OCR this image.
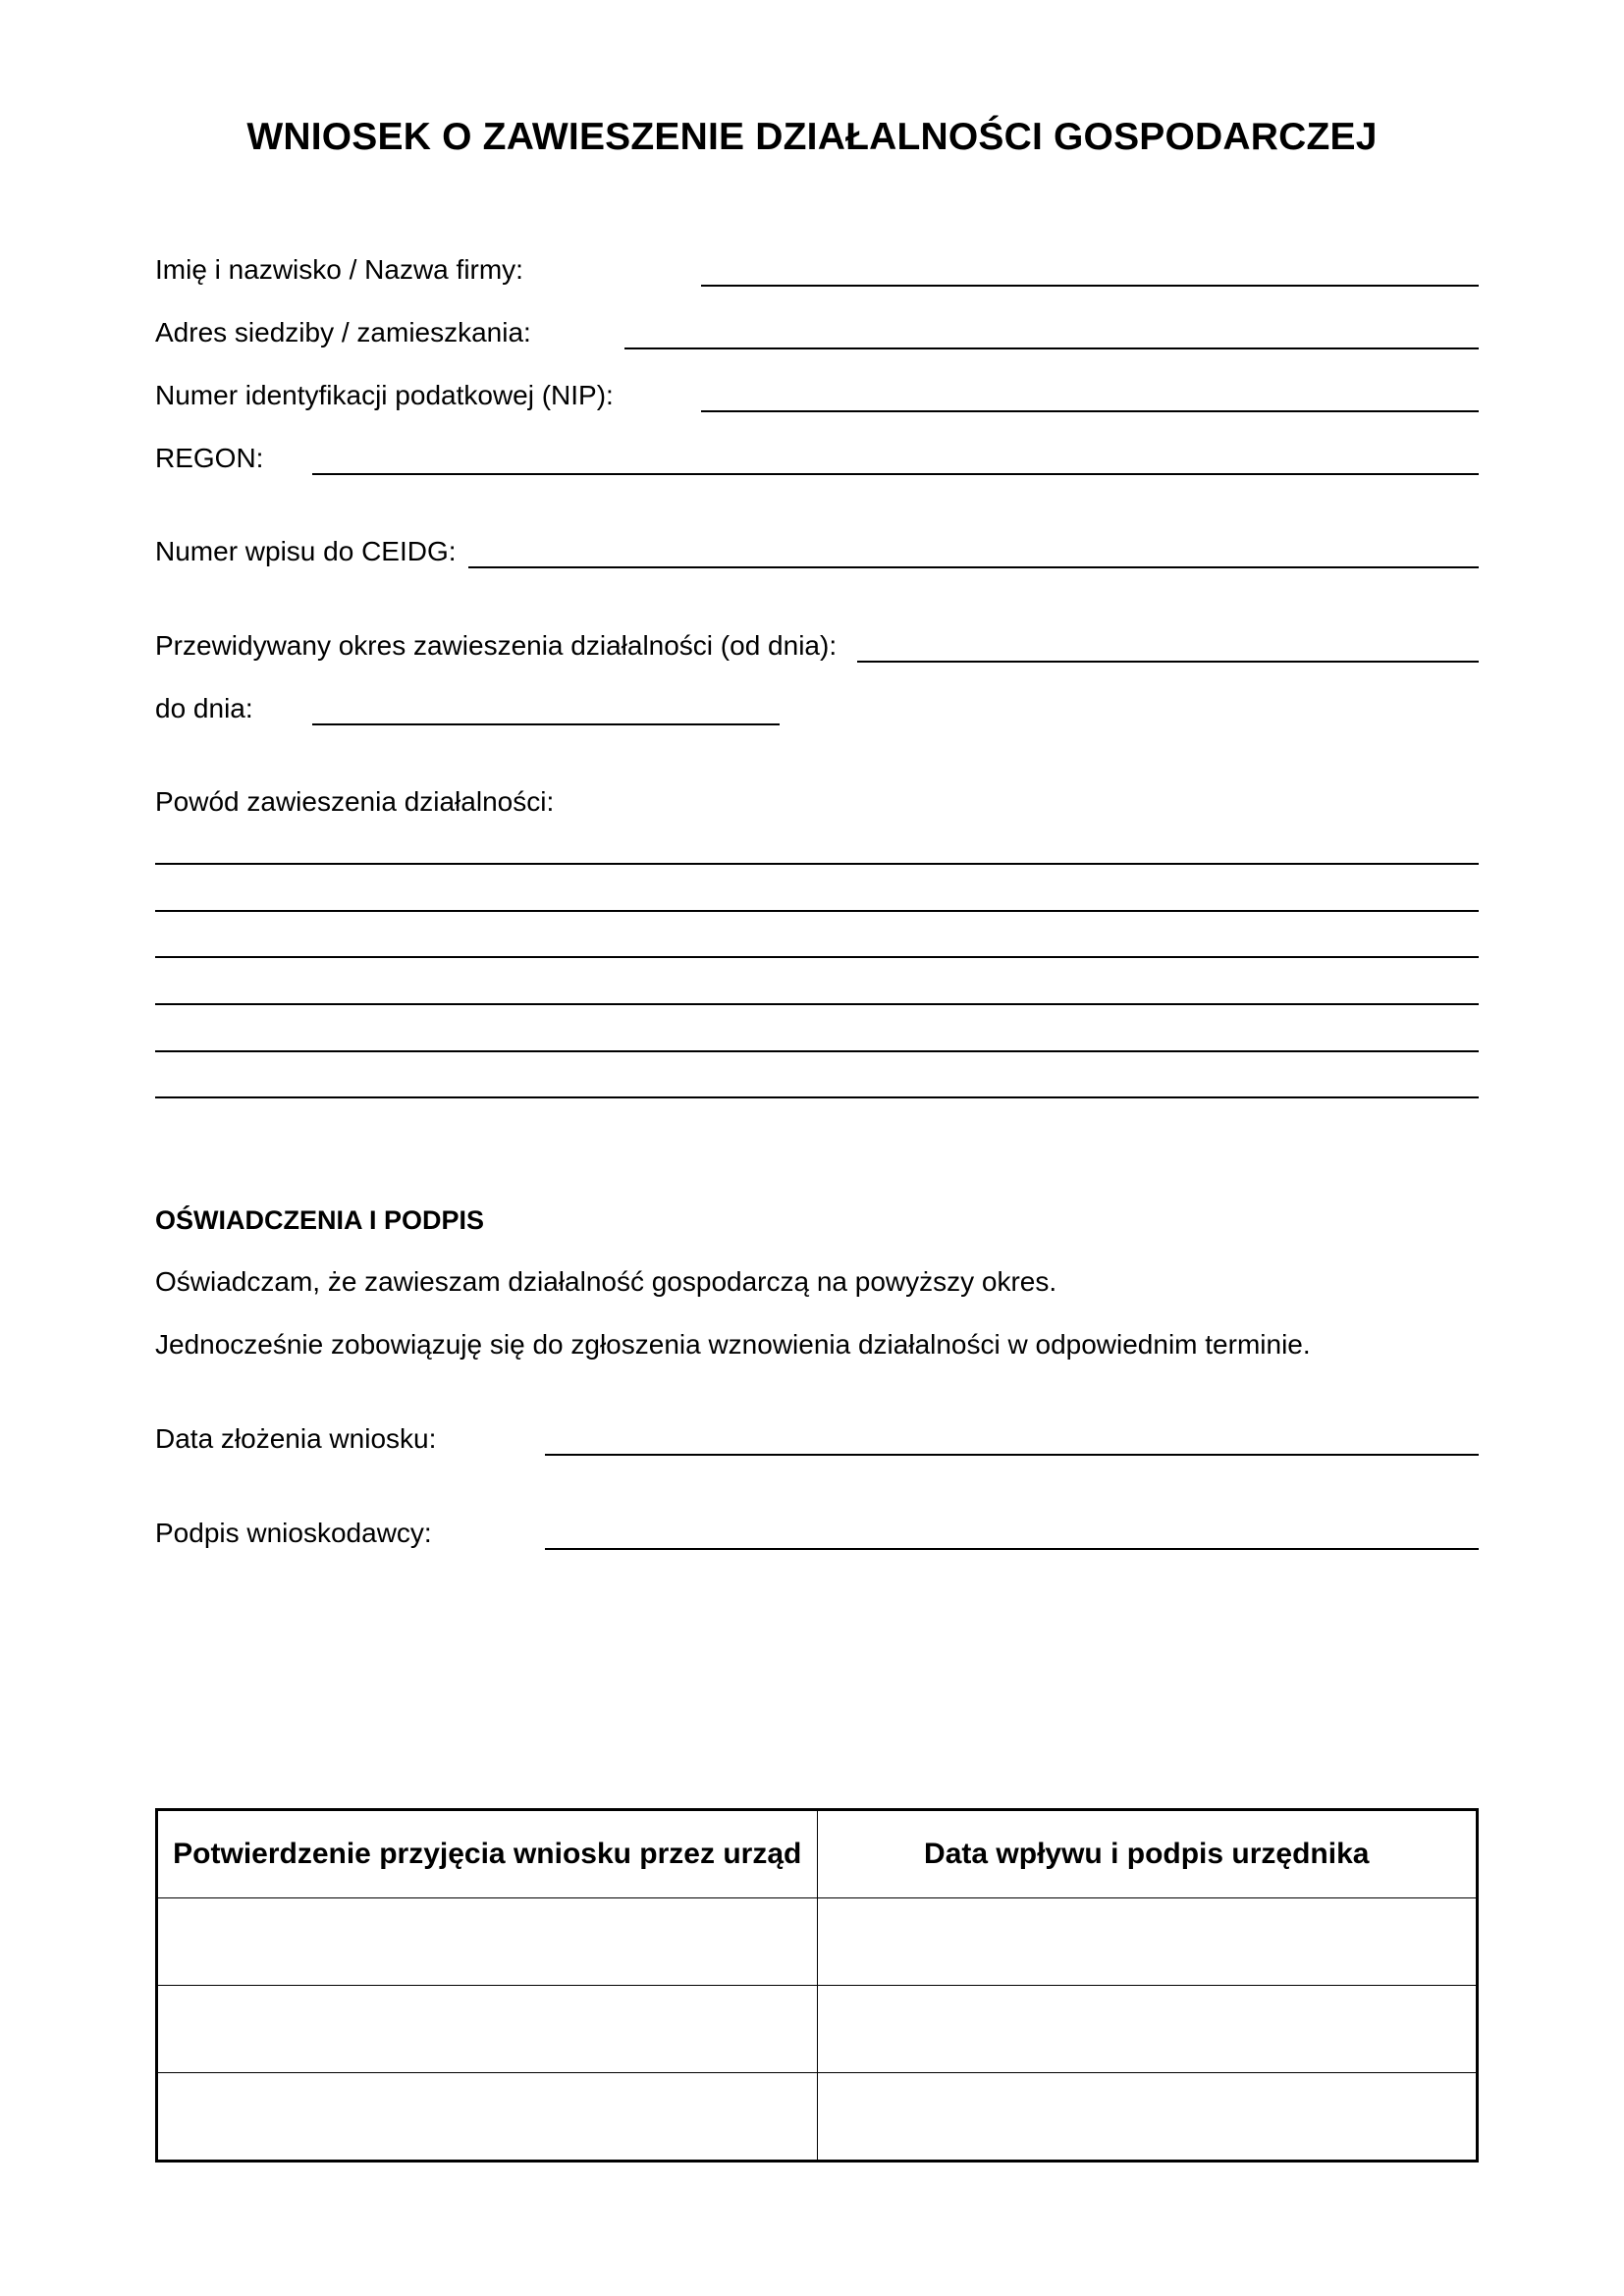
WNIOSEK O ZAWIESZENIE DZIAŁALNOŚCI GOSPODARCZEJ
Imię i nazwisko / Nazwa firmy:
Adres siedziby / zamieszkania:
Numer identyfikacji podatkowej (NIP):
REGON:
Numer wpisu do CEIDG:
Przewidywany okres zawieszenia działalności (od dnia):
do dnia:
Powód zawieszenia działalności:
OŚWIADCZENIA I PODPIS
Oświadczam, że zawieszam działalność gospodarczą na powyższy okres.
Jednocześnie zobowiązuję się do zgłoszenia wznowienia działalności w odpowiednim terminie.
Data złożenia wniosku:
Podpis wnioskodawcy:
Potwierdzenie przyjęcia wniosku przez urząd	Data wpływu i podpis urzędnika
